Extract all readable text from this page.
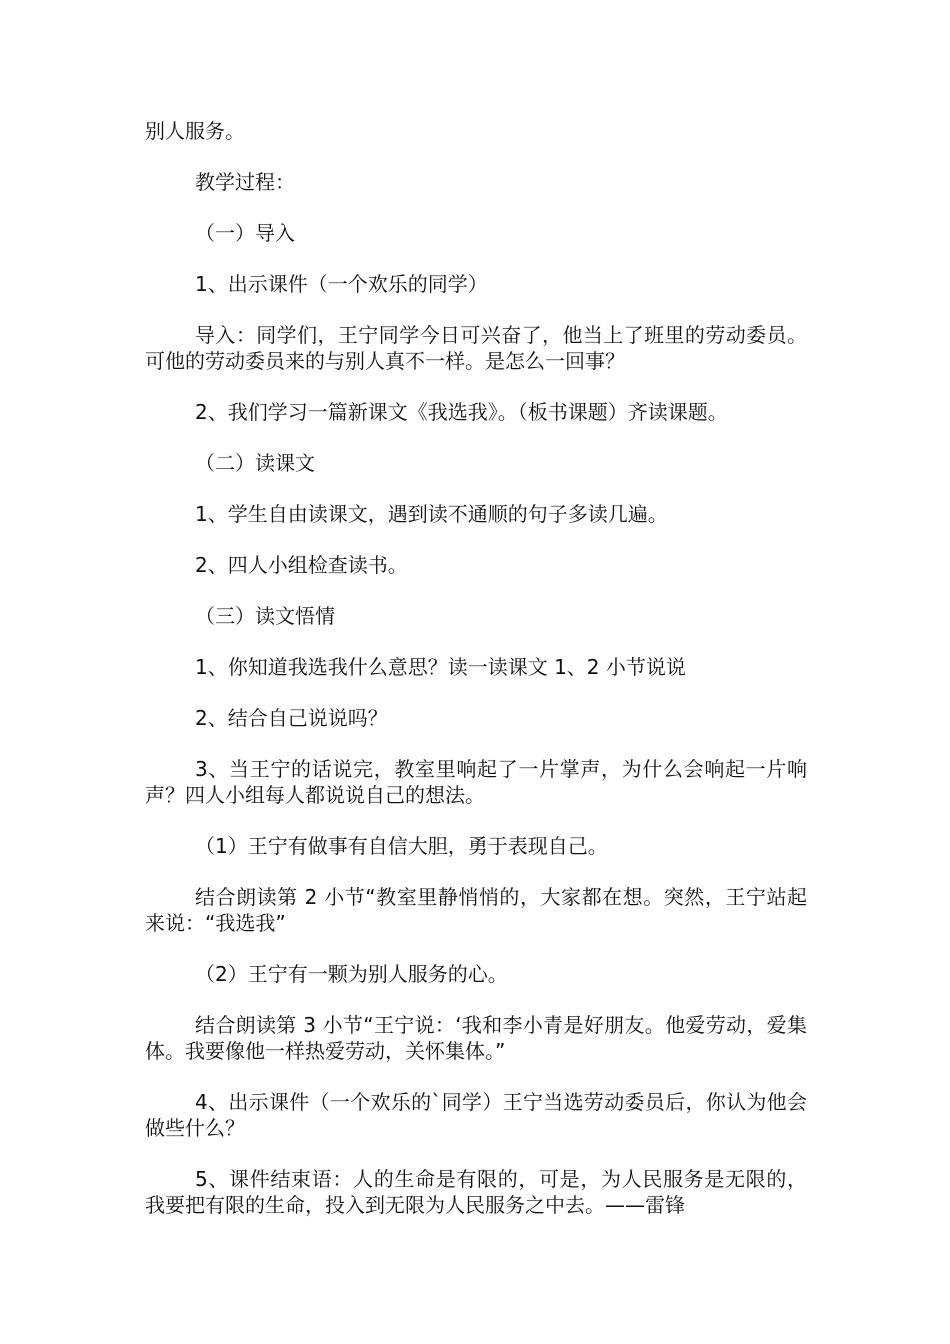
别人服务。

教学过程：

（一）导入

1、出示课件（一个欢乐的同学）

导入：同学们，王宁同学今日可兴奋了，他当上了班里的劳动委员。可他的劳动委员来的与别人真不一样。是怎么一回事？

2、我们学习一篇新课文《我选我》。（板书课题）齐读课题。

（二）读课文

1、学生自由读课文，遇到读不通顺的句子多读几遍。

2、四人小组检查读书。

（三）读文悟情

1、你知道我选我什么意思？读一读课文 1、2 小节说说

2、结合自己说说吗？

3、当王宁的话说完，教室里响起了一片掌声，为什么会响起一片响声？四人小组每人都说说自己的想法。

（1）王宁有做事有自信大胆，勇于表现自己。

结合朗读第 2 小节“教室里静悄悄的，大家都在想。突然，王宁站起来说：“我选我”

（2）王宁有一颗为别人服务的心。

结合朗读第 3 小节“王宁说：‘我和李小青是好朋友。他爱劳动，爱集体。我要像他一样热爱劳动，关怀集体。”

4、出示课件（一个欢乐的`同学）王宁当选劳动委员后，你认为他会做些什么？

5、课件结束语：人的生命是有限的，可是，为人民服务是无限的，我要把有限的生命，投入到无限为人民服务之中去。——雷锋
